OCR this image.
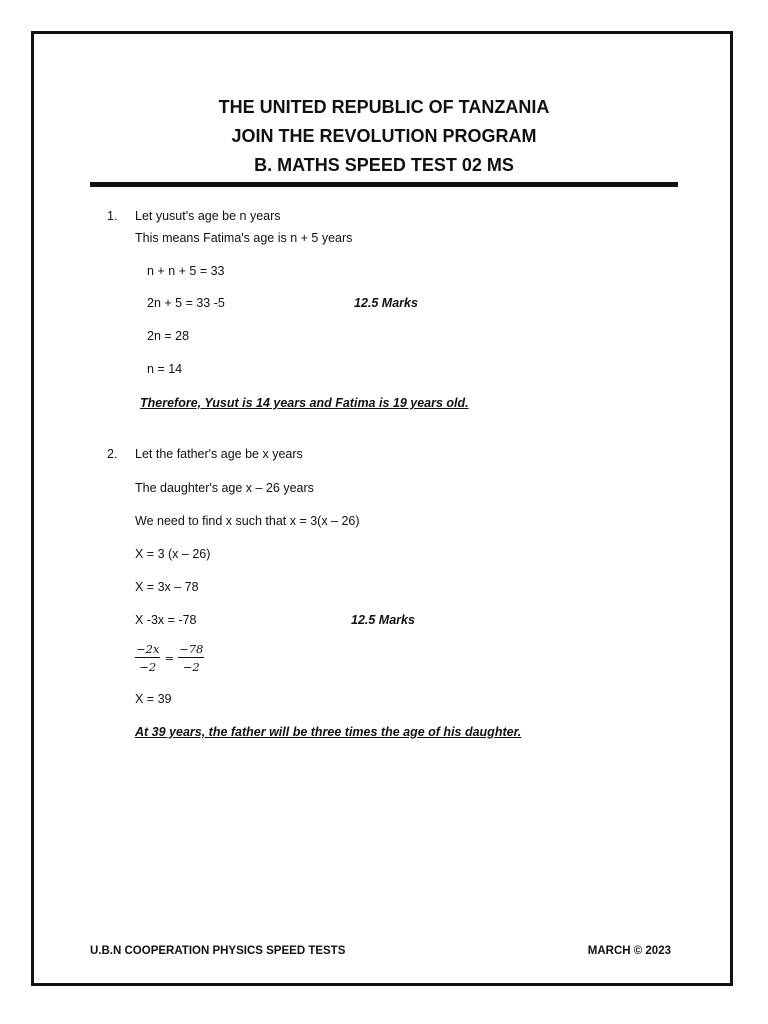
THE UNITED REPUBLIC OF TANZANIA
JOIN THE REVOLUTION PROGRAM
B. MATHS SPEED TEST 02 MS
1. Let yusut's age be n years
This means Fatima's age is n + 5 years
n + n + 5 = 33
2n + 5 = 33 -5	12.5 Marks
2n = 28
n = 14
Therefore, Yusut is 14 years and Fatima is 19 years old.
2. Let the father's age be x years
The daughter's age x – 26 years
We need to find x such that x = 3(x – 26)
X = 3 (x – 26)
X = 3x – 78
X -3x = -78	12.5 Marks
$\frac{-2x}{-2} = \frac{-78}{-2}$
X = 39
At 39 years, the father will be three times the age of his daughter.
U.B.N COOPERATION PHYSICS SPEED TESTS	MARCH © 2023
